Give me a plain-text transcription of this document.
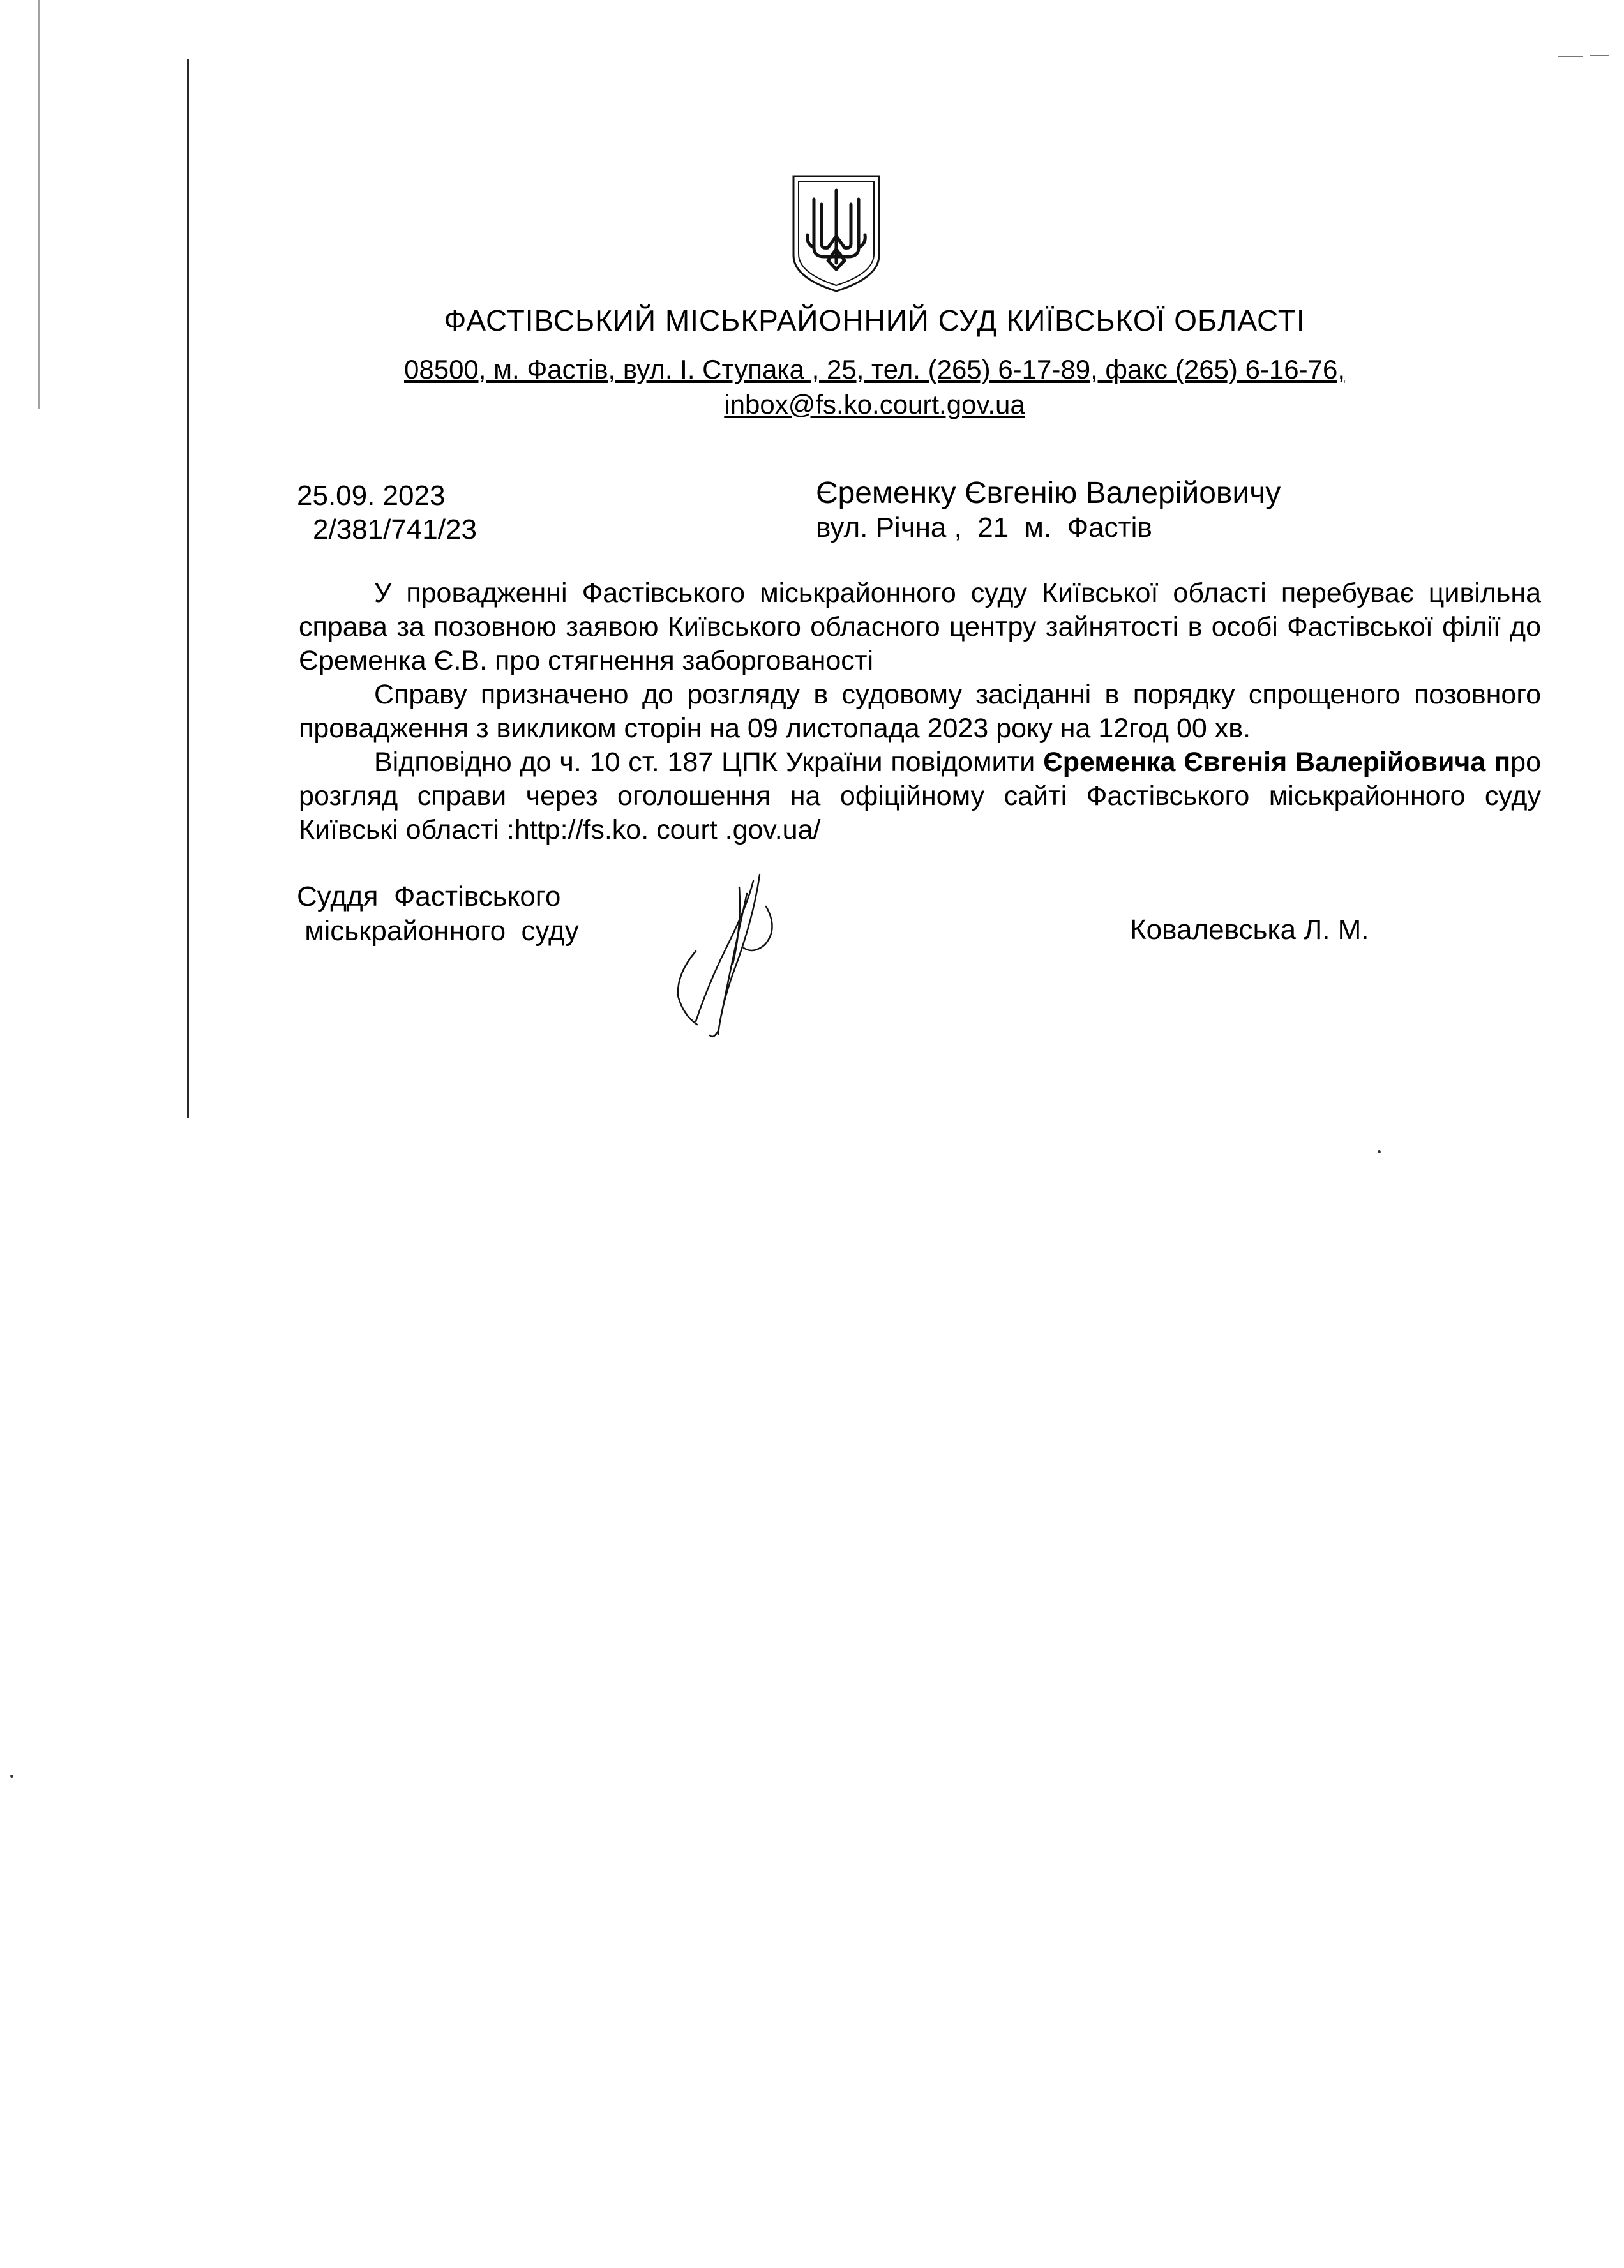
ФАСТІВСЬКИЙ МІСЬКРАЙОННИЙ СУД КИЇВСЬКОЇ ОБЛАСТІ
08500, м. Фастів, вул. І. Ступака , 25, тел. (265) 6-17-89, факс (265) 6-16-76,
inbox@fs.ko.court.gov.ua
25.09. 2023
2/381/741/23
Єременку Євгенію Валерійовичу
вул. Річна ,  21  м.  Фастів

У провадженні Фастівського міськрайонного суду Київської області перебуває цивільна справа за позовною заявою Київського обласного центру зайнятості в особі Фастівської філії до Єременка Є.В. про стягнення заборгованості

Справу призначено до розгляду в судовому засіданні в порядку спрощеного позовного провадження з викликом сторін на 09 листопада 2023 року на 12год 00 хв.

Відповідно до ч. 10 ст. 187 ЦПК України повідомити Єременка Євгенія Валерійовича про розгляд справи через оголошення на офіційному сайті Фастівського міськрайонного суду Київські області :http://fs.ko. court .gov.ua/

Суддя  Фастівського
міськрайонного  суду	Ковалевська Л. М.
